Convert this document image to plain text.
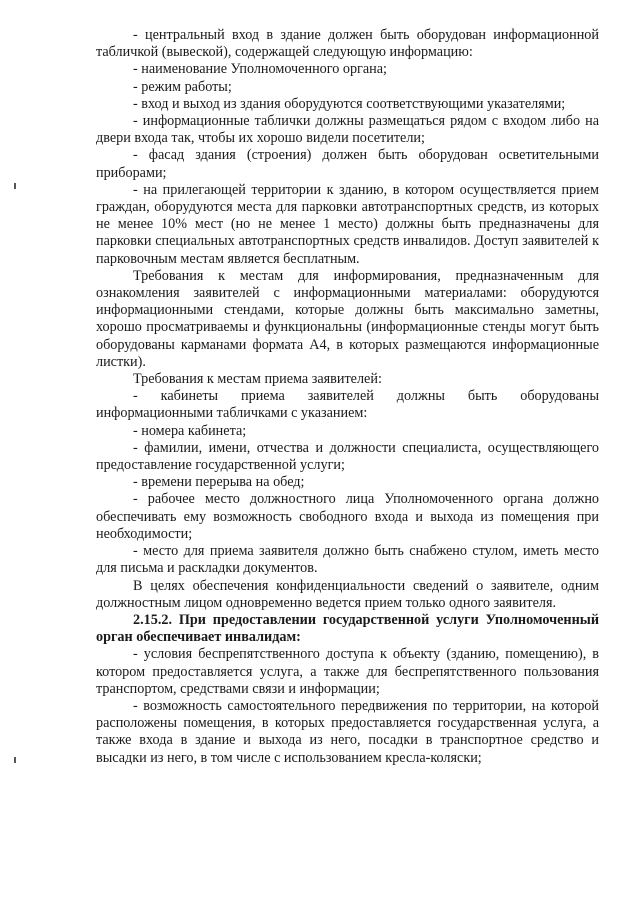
- центральный вход в здание должен быть оборудован информационной табличкой (вывеской), содержащей следующую информацию:

- наименование Уполномоченного органа;

- режим работы;

- вход и выход из здания оборудуются соответствующими указателями;

- информационные таблички должны размещаться рядом с входом либо на двери входа так, чтобы их хорошо видели посетители;

- фасад здания (строения) должен быть оборудован осветительными приборами;

- на прилегающей территории к зданию, в котором осуществляется прием граждан, оборудуются места для парковки автотранспортных средств, из которых не менее 10% мест (но не менее 1 место) должны быть предназначены для парковки специальных автотранспортных средств инвалидов. Доступ заявителей к парковочным местам является бесплатным.

Требования к местам для информирования, предназначенным для ознакомления заявителей с информационными материалами: оборудуются информационными стендами, которые должны быть максимально заметны, хорошо просматриваемы и функциональны (информационные стенды могут быть оборудованы карманами формата А4, в которых размещаются информационные листки).

Требования к местам приема заявителей:

- кабинеты приема заявителей должны быть оборудованы информационными табличками с указанием:

- номера кабинета;

- фамилии, имени, отчества и должности специалиста, осуществляющего предоставление государственной услуги;

- времени перерыва на обед;

- рабочее место должностного лица Уполномоченного органа должно обеспечивать ему возможность свободного входа и выхода из помещения при необходимости;

- место для приема заявителя должно быть снабжено стулом, иметь место для письма и раскладки документов.

В целях обеспечения конфиденциальности сведений о заявителе, одним должностным лицом одновременно ведется прием только одного заявителя.

2.15.2. При предоставлении государственной услуги Уполномоченный орган обеспечивает инвалидам:

- условия беспрепятственного доступа к объекту (зданию, помещению), в котором предоставляется услуга, а также для беспрепятственного пользования транспортом, средствами связи и информации;

- возможность самостоятельного передвижения по территории, на которой расположены помещения, в которых предоставляется государственная услуга, а также входа в здание и выхода из него, посадки в транспортное средство и высадки из него, в том числе с использованием кресла-коляски;
